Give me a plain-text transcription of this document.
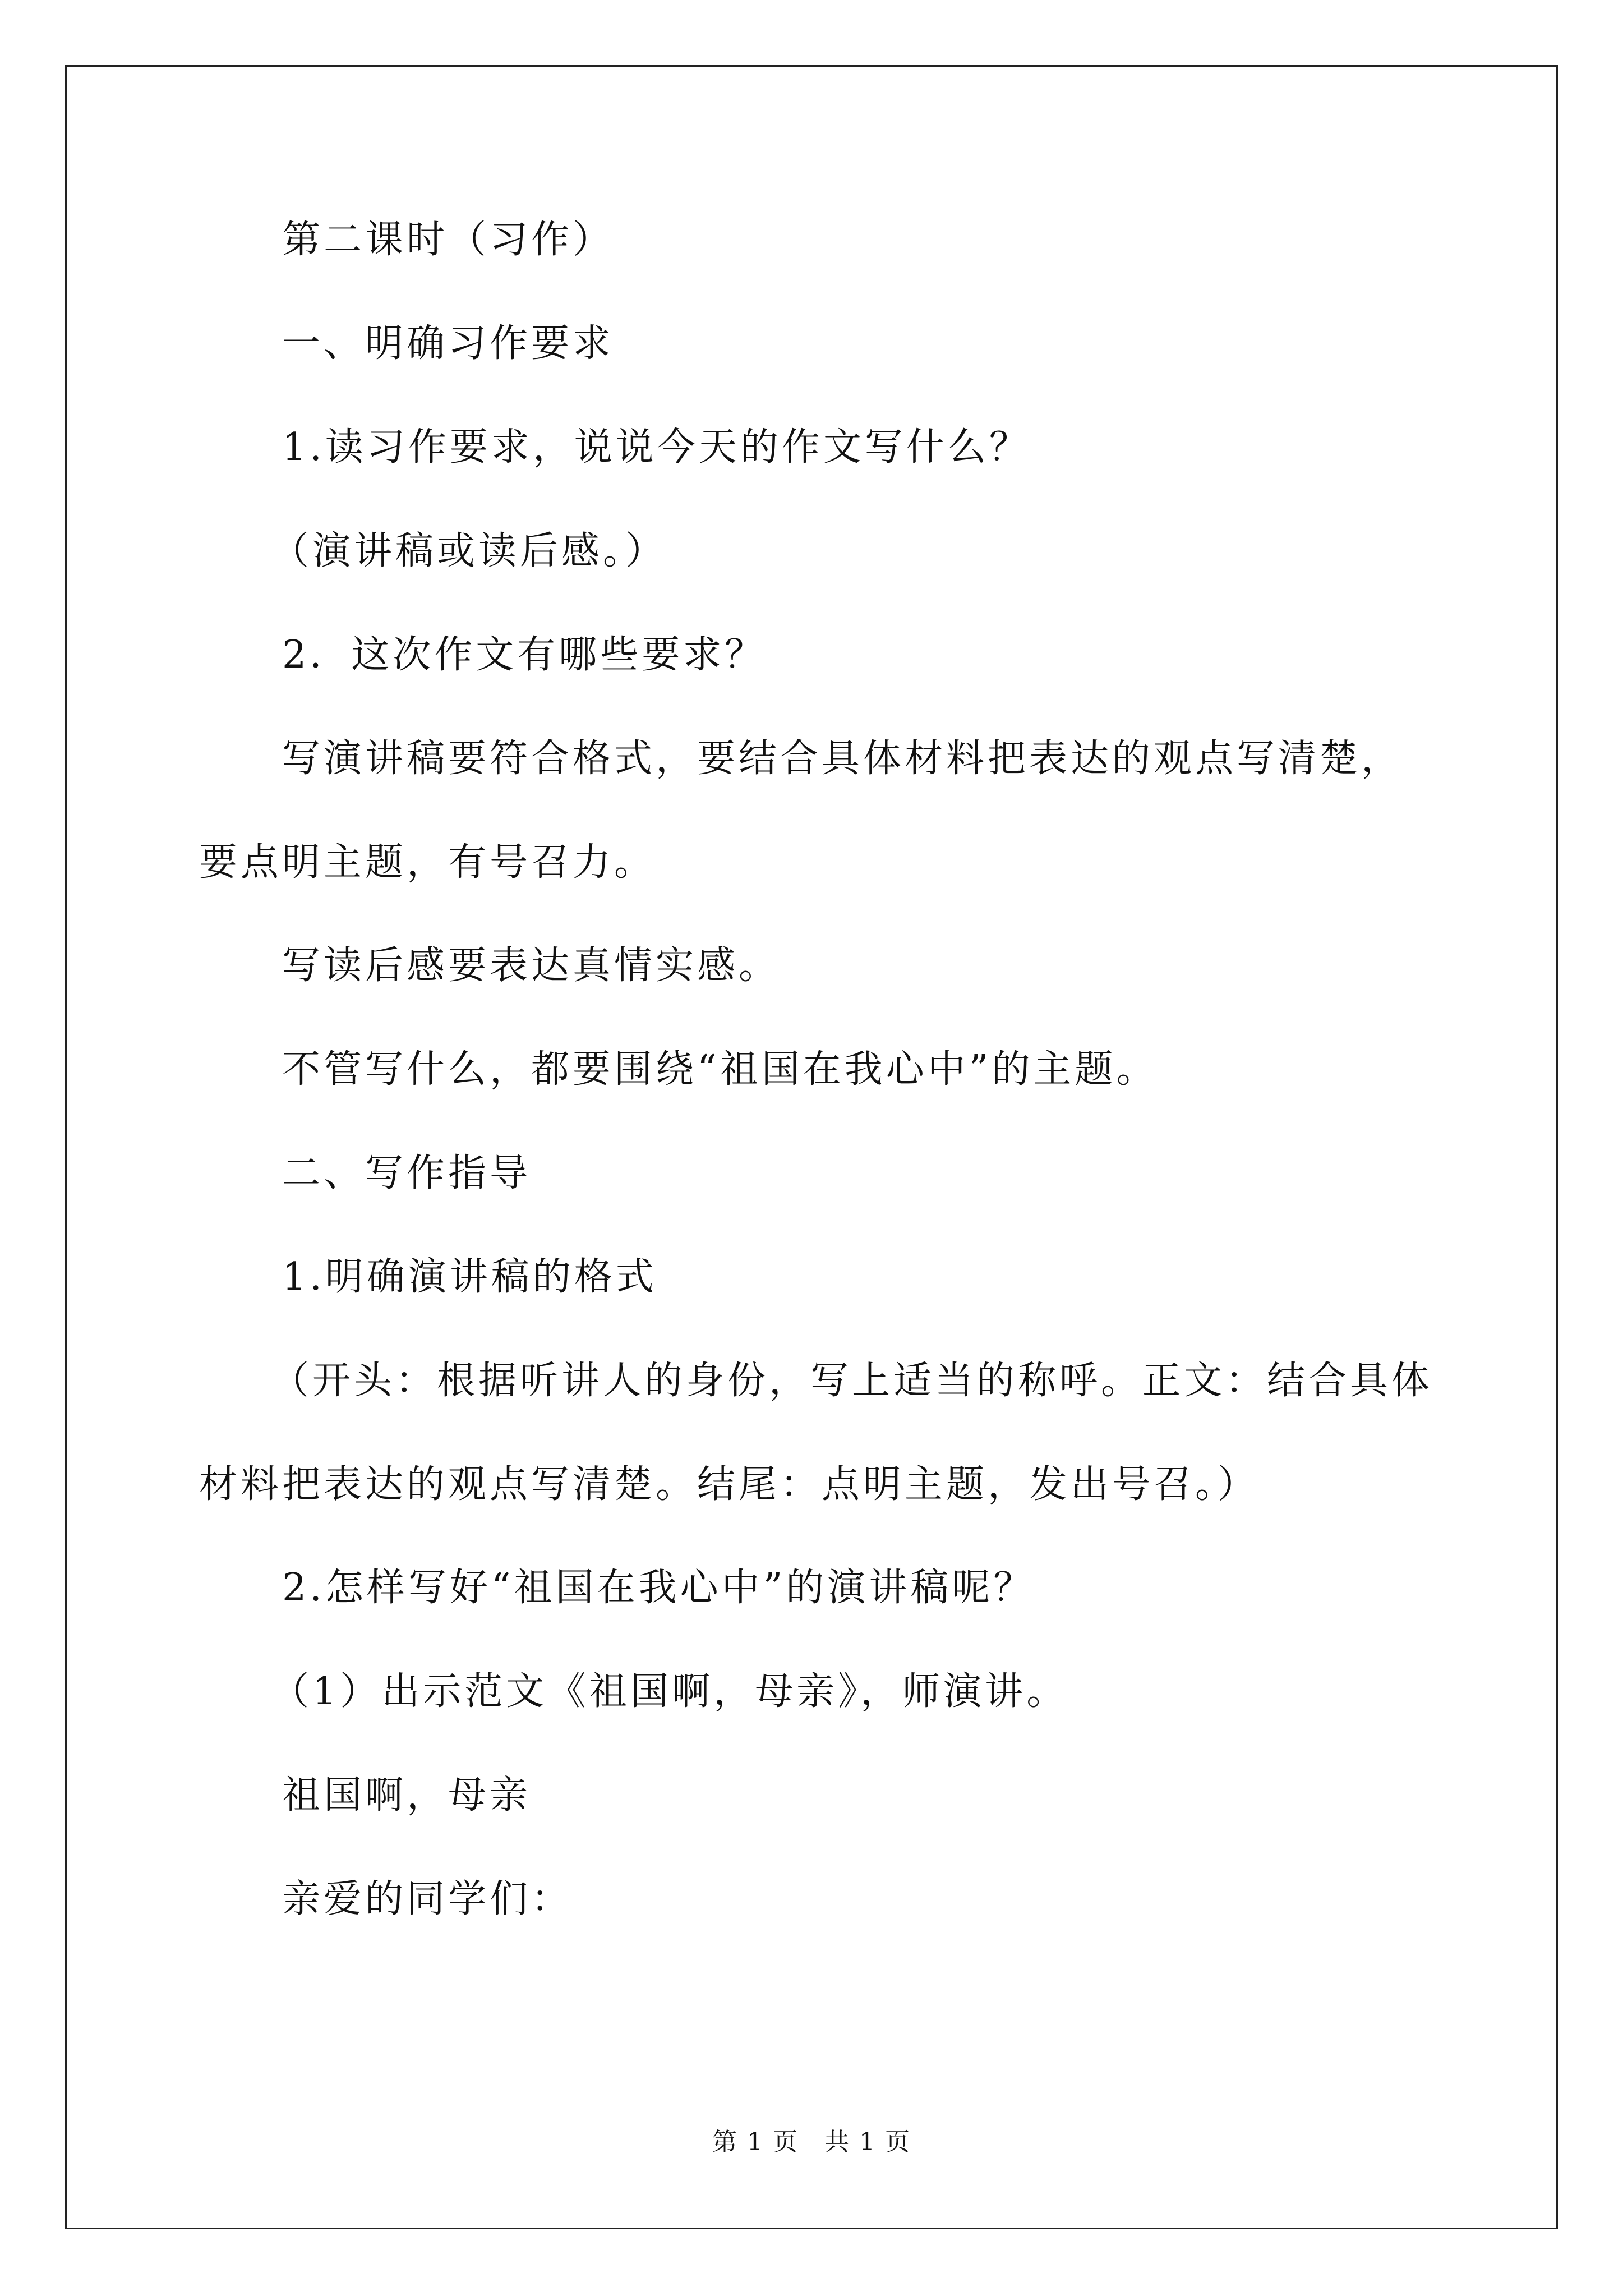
第二课时（习作）

一、明确习作要求

1.读习作要求，说说今天的作文写什么？

（演讲稿或读后感。）

2．这次作文有哪些要求？

写演讲稿要符合格式，要结合具体材料把表达的观点写清楚，要点明主题，有号召力。

写读后感要表达真情实感。

不管写什么，都要围绕“祖国在我心中”的主题。

二、写作指导

1.明确演讲稿的格式

（开头：根据听讲人的身份，写上适当的称呼。正文：结合具体材料把表达的观点写清楚。结尾：点明主题，发出号召。）

2.怎样写好“祖国在我心中”的演讲稿呢？

（1）出示范文《祖国啊，母亲》，师演讲。

祖国啊，母亲

亲爱的同学们：

第 1 页　共 1 页
